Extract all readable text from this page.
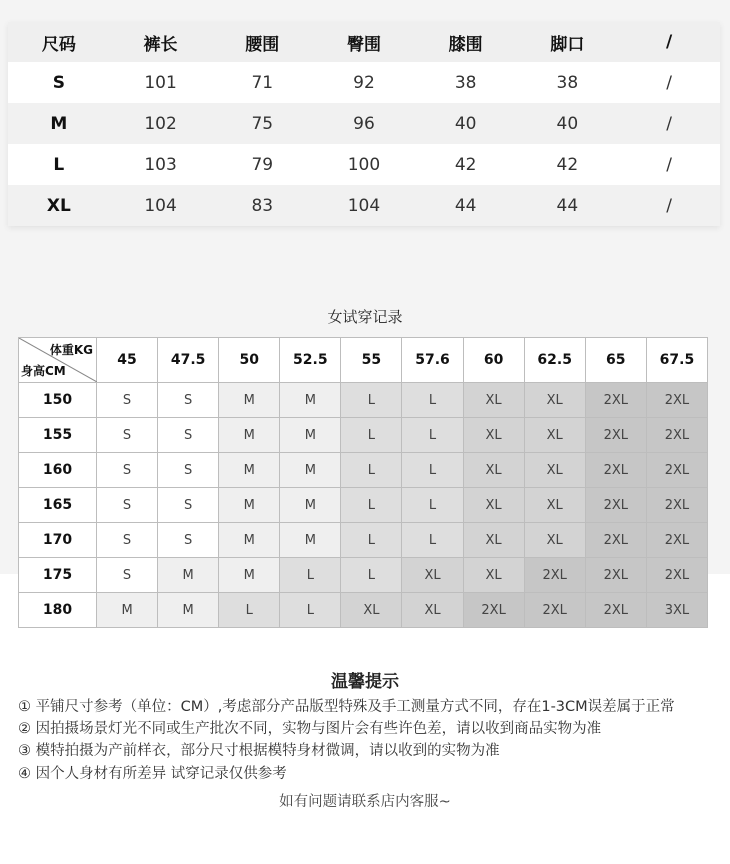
尺码	裤长	腰围	臀围	膝围	脚口	/
S	101	71	92	38	38	/
M	102	75	96	40	40	/
L	103	79	100	42	42	/
XL	104	83	104	44	44	/
女试穿记录
体重KG
身高CM	45	47.5	50	52.5	55	57.6	60	62.5	65	67.5
150	S	S	M	M	L	L	XL	XL	2XL	2XL
155	S	S	M	M	L	L	XL	XL	2XL	2XL
160	S	S	M	M	L	L	XL	XL	2XL	2XL
165	S	S	M	M	L	L	XL	XL	2XL	2XL
170	S	S	M	M	L	L	XL	XL	2XL	2XL
175	S	M	M	L	L	XL	XL	2XL	2XL	2XL
180	M	M	L	L	XL	XL	2XL	2XL	2XL	3XL
温馨提示
① 平铺尺寸参考（单位：CM）,考虑部分产品版型特殊及手工测量方式不同，存在1-3CM误差属于正常
② 因拍摄场景灯光不同或生产批次不同，实物与图片会有些许色差，请以收到商品实物为准
③ 模特拍摄为产前样衣，部分尺寸根据模特身材微调，请以收到的实物为准
④ 因个人身材有所差异 试穿记录仅供参考
如有问题请联系店内客服~
